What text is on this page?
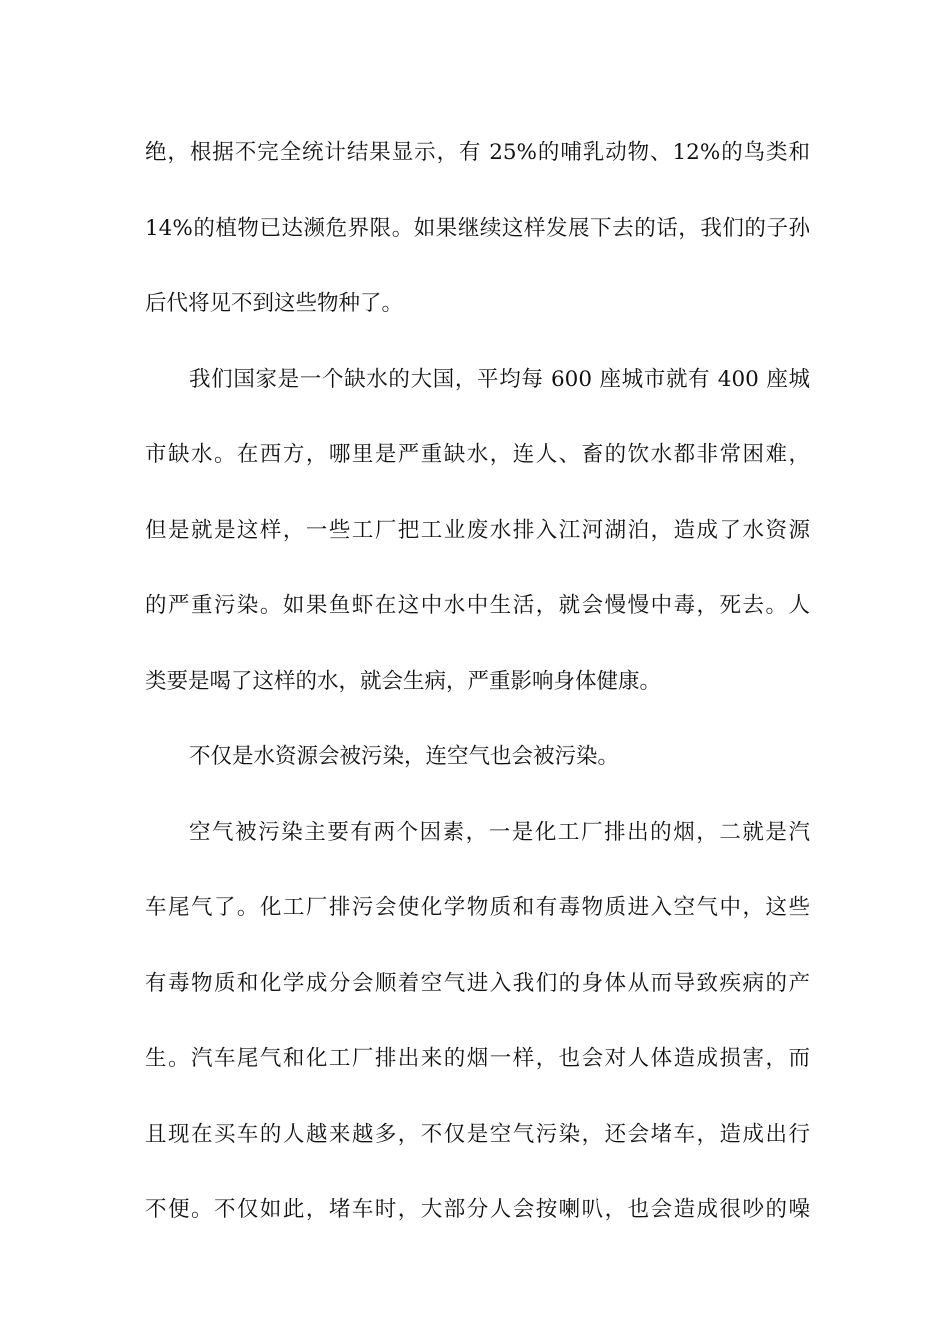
绝，根据不完全统计结果显示，有 25%的哺乳动物、12%的鸟类和
14%的植物已达濒危界限。如果继续这样发展下去的话，我们的子孙
后代将见不到这些物种了。
我们国家是一个缺水的大国，平均每 600 座城市就有 400 座城
市缺水。在西方，哪里是严重缺水，连人、畜的饮水都非常困难，
但是就是这样，一些工厂把工业废水排入江河湖泊，造成了水资源
的严重污染。如果鱼虾在这中水中生活，就会慢慢中毒，死去。人
类要是喝了这样的水，就会生病，严重影响身体健康。
不仅是水资源会被污染，连空气也会被污染。
空气被污染主要有两个因素，一是化工厂排出的烟，二就是汽
车尾气了。化工厂排污会使化学物质和有毒物质进入空气中，这些
有毒物质和化学成分会顺着空气进入我们的身体从而导致疾病的产
生。汽车尾气和化工厂排出来的烟一样，也会对人体造成损害，而
且现在买车的人越来越多，不仅是空气污染，还会堵车，造成出行
不便。不仅如此，堵车时，大部分人会按喇叭，也会造成很吵的噪
